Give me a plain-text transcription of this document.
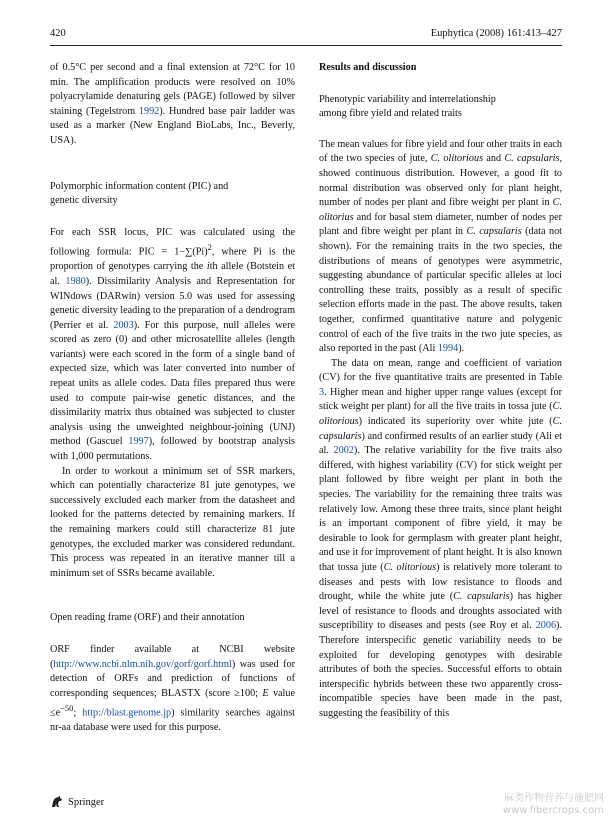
420	Euphytica (2008) 161:413–427

of 0.5°C per second and a final extension at 72°C for 10 min. The amplification products were resolved on 10% polyacrylamide denaturing gels (PAGE) followed by silver staining (Tegelstrom 1992). Hundred base pair ladder was used as a marker (New England BioLabs, Inc., Beverly, USA).

Polymorphic information content (PIC) and
genetic diversity

For each SSR locus, PIC was calculated using the following formula: PIC = $1-\sum(Pi)^2$, where Pi is the proportion of genotypes carrying the ith allele (Botstein et al. 1980). Dissimilarity Analysis and Representation for WINdows (DARwin) version 5.0 was used for assessing genetic diversity leading to the preparation of a dendrogram (Perrier et al. 2003). For this purpose, null alleles were scored as zero (0) and other microsatellite alleles (length variants) were each scored in the form of a single band of expected size, which was later converted into number of repeat units as allele codes. Data files prepared thus were used to compute pair-wise genetic distances, and the dissimilarity matrix thus obtained was subjected to cluster analysis using the unweighted neighbour-joining (UNJ) method (Gascuel 1997), followed by bootstrap analysis with 1,000 permutations.

In order to workout a minimum set of SSR markers, which can potentially characterize 81 jute genotypes, we successively excluded each marker from the datasheet and looked for the patterns detected by remaining markers. If the remaining markers could still characterize 81 jute genotypes, the excluded marker was considered redundant. This process was repeated in an iterative manner till a minimum set of SSRs became available.

Open reading frame (ORF) and their annotation

ORF finder available at NCBI website (http://www.ncbi.nlm.nih.gov/gorf/gorf.html) was used for detection of ORFs and prediction of functions of corresponding sequences; BLASTX (score ≥100; E value $\le e^{-50}$; http://blast.genome.jp) similarity searches against nr-aa database were used for this purpose.

Results and discussion
Phenotypic variability and interrelationship
among fibre yield and related traits

The mean values for fibre yield and four other traits in each of the two species of jute, C. olitorious and C. capsularis, showed continuous distribution. However, a good fit to normal distribution was observed only for plant height, number of nodes per plant and fibre weight per plant in C. olitorius and for basal stem diameter, number of nodes per plant and fibre weight per plant in C. capsularis (data not shown). For the remaining traits in the two species, the distributions of means of genotypes were asymmetric, suggesting abundance of particular specific alleles at loci controlling these traits, possibly as a result of specific selection efforts made in the past. The above results, taken together, confirmed quantitative nature and polygenic control of each of the five traits in the two jute species, as also reported in the past (Ali 1994).

The data on mean, range and coefficient of variation (CV) for the five quantitative traits are presented in Table 3. Higher mean and higher upper range values (except for stick weight per plant) for all the five traits in tossa jute (C. olitorious) indicated its superiority over white jute (C. capsularis) and confirmed results of an earlier study (Ali et al. 2002). The relative variability for the five traits also differed, with highest variability (CV) for stick weight per plant followed by fibre weight per plant in both the species. The variability for the remaining three traits was relatively low. Among these three traits, since plant height is an important component of fibre yield, it may be desirable to look for germplasm with greater plant height, and use it for improvement of plant height. It is also known that tossa jute (C. olitorious) is relatively more tolerant to diseases and pests with low resistance to floods and drought, while the white jute (C. capsularis) has higher level of resistance to floods and droughts associated with susceptibility to diseases and pests (see Roy et al. 2006). Therefore interspecific genetic variability needs to be exploited for developing genotypes with desirable attributes of both the species. Successful efforts to obtain interspecific hybrids between these two apparently cross-incompatible species have been made in the past, suggesting the feasibility of this

Springer	麻类作物营养与施肥网
www.fibercrops.com
